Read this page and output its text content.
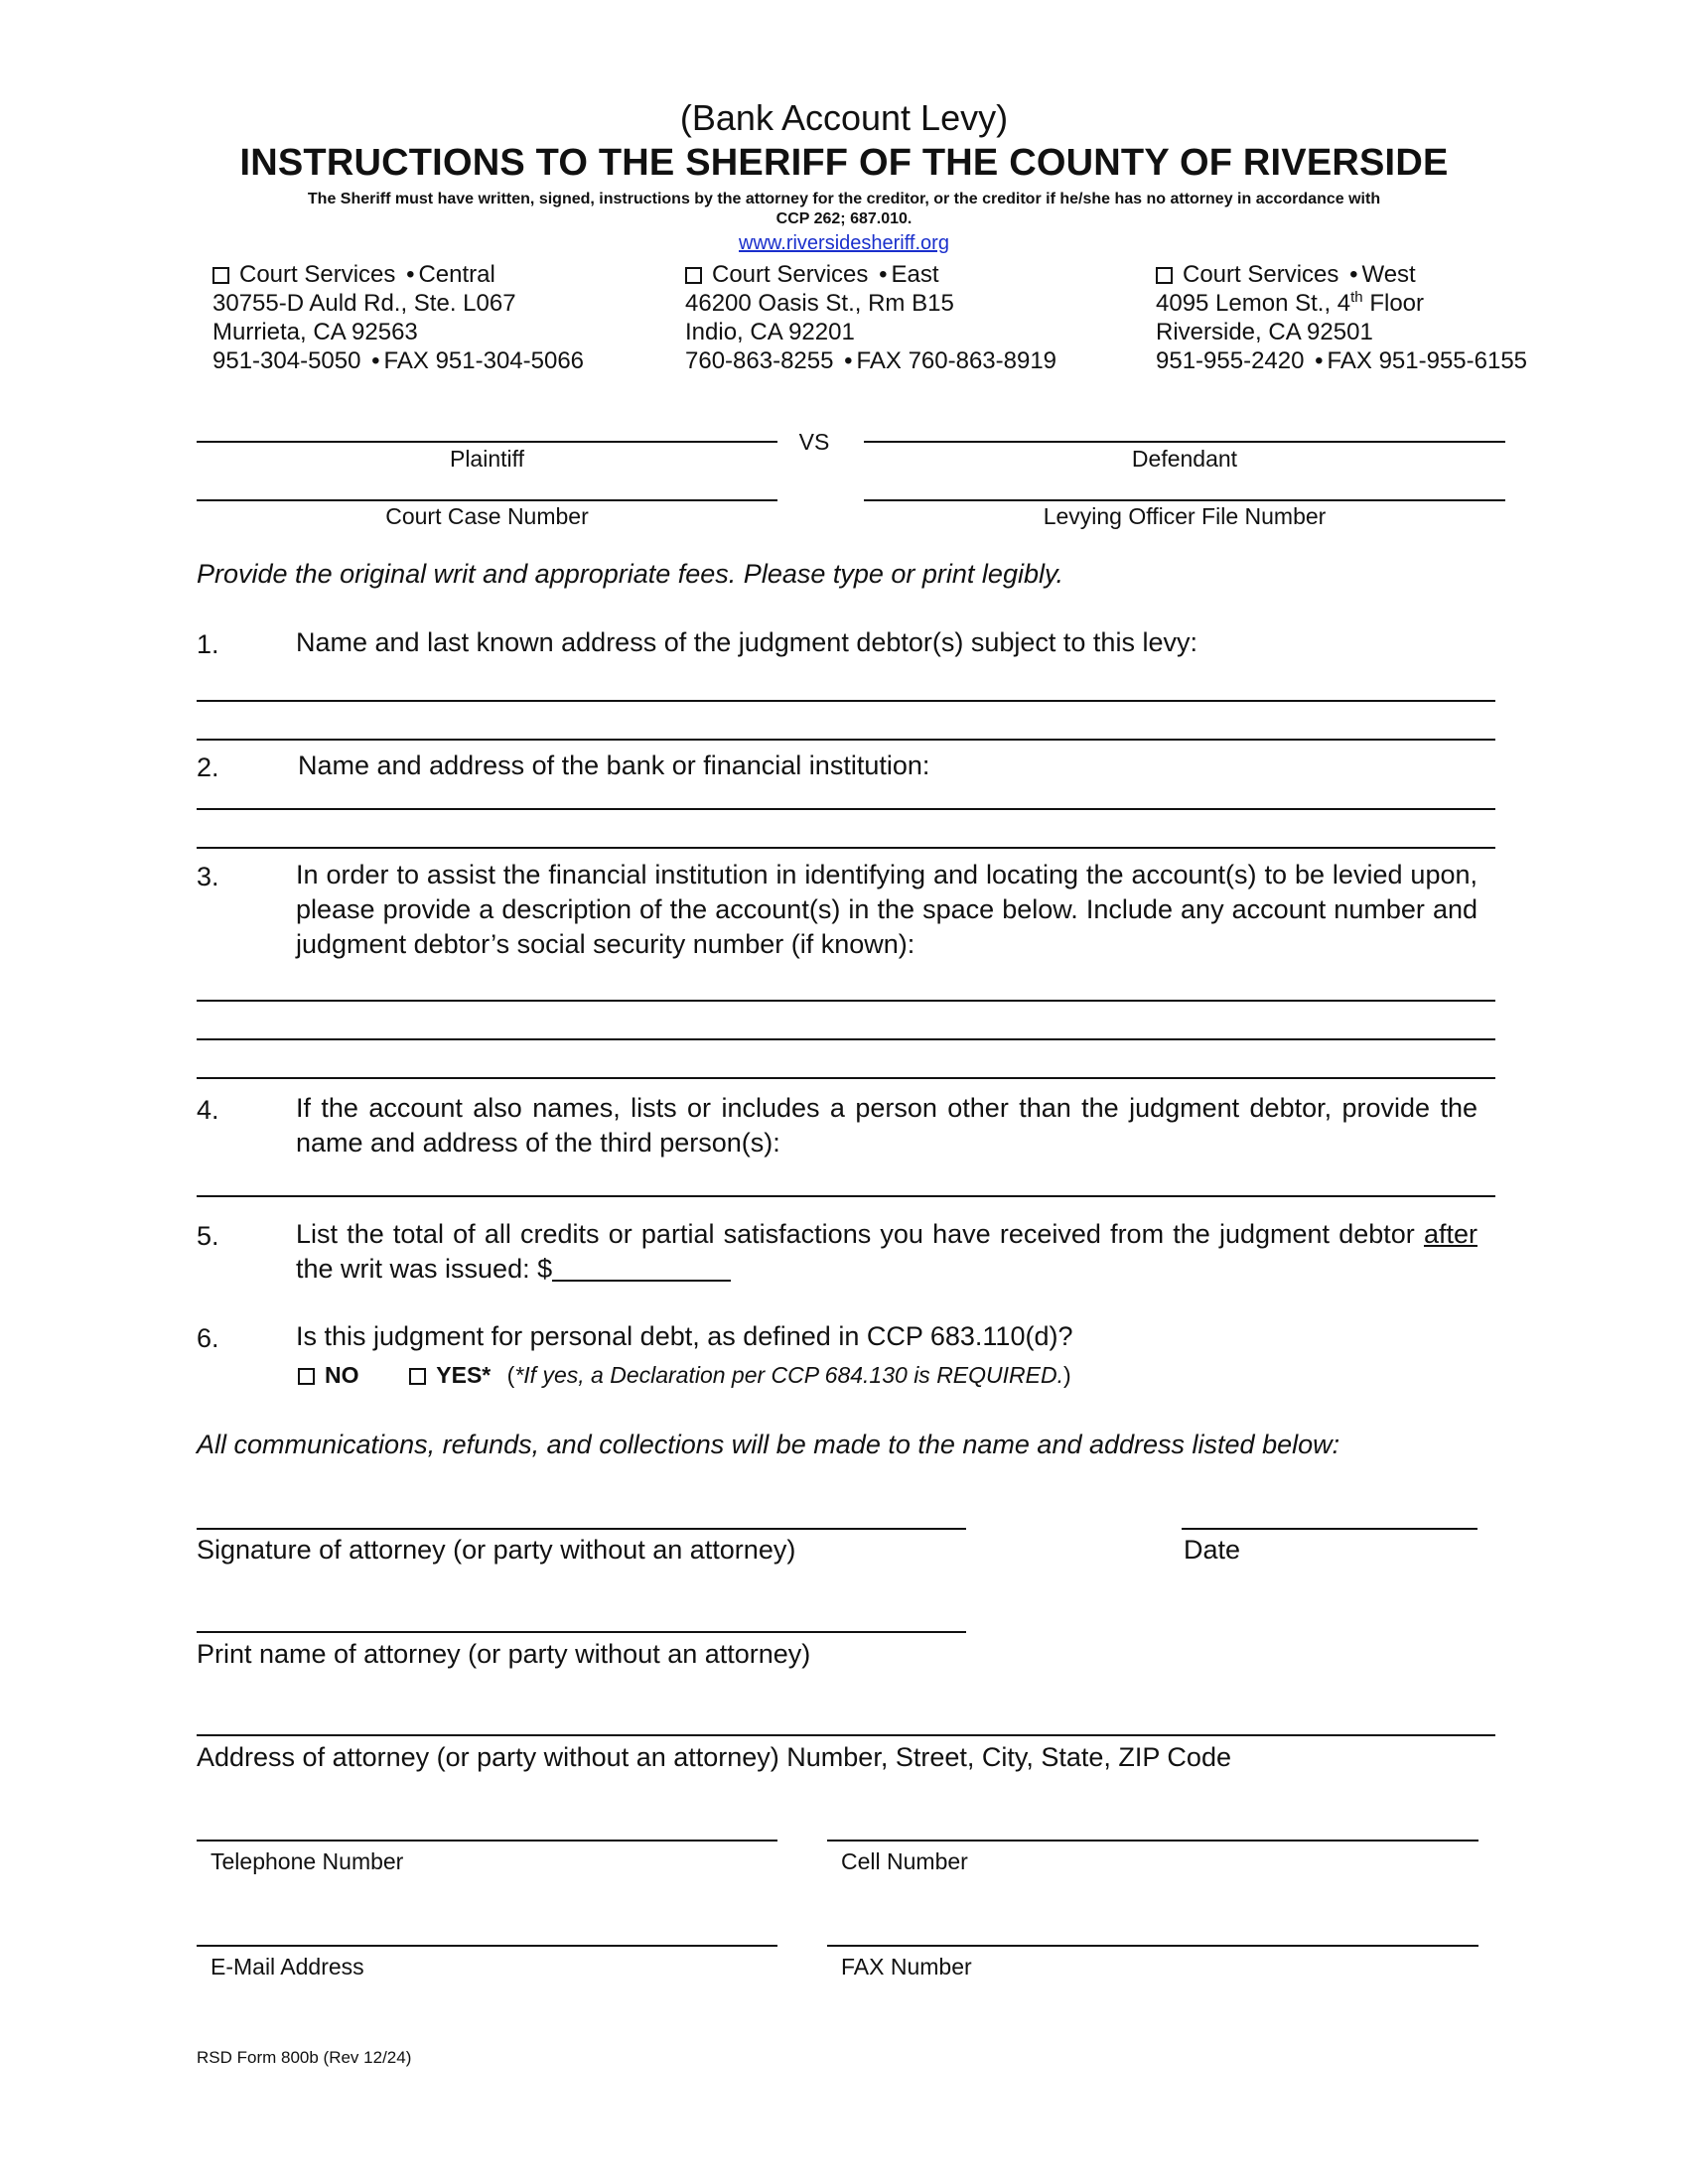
(Bank Account Levy)
INSTRUCTIONS TO THE SHERIFF OF THE COUNTY OF RIVERSIDE
The Sheriff must have written, signed, instructions by the attorney for the creditor, or the creditor if he/she has no attorney in accordance with
CCP 262; 687.010.
www.riversidesheriff.org
Court Services • Central
30755-D Auld Rd., Ste. L067
Murrieta, CA 92563
951-304-5050 • FAX 951-304-5066
Court Services • East
46200 Oasis St., Rm B15
Indio, CA 92201
760-863-8255 • FAX 760-863-8919
Court Services • West
4095 Lemon St., 4th Floor
Riverside, CA 92501
951-955-2420 • FAX 951-955-6155
Plaintiff
VS
Defendant
Court Case Number	Levying Officer File Number
Provide the original writ and appropriate fees. Please type or print legibly.
1.	Name and last known address of the judgment debtor(s) subject to this levy:
2.	Name and address of the bank or financial institution:
3.	In order to assist the financial institution in identifying and locating the account(s) to be levied upon, please provide a description of the account(s) in the space below. Include any account number and judgment debtor’s social security number (if known):
4.	If the account also names, lists or includes a person other than the judgment debtor, provide the name and address of the third person(s):
5.	List the total of all credits or partial satisfactions you have received from the judgment debtor after the writ was issued: $
6.	Is this judgment for personal debt, as defined in CCP 683.110(d)?
NO	YES* (*If yes, a Declaration per CCP 684.130 is REQUIRED.)
All communications, refunds, and collections will be made to the name and address listed below:
Signature of attorney (or party without an attorney)	Date
Print name of attorney (or party without an attorney)
Address of attorney (or party without an attorney) Number, Street, City, State, ZIP Code
Telephone Number	Cell Number
E-Mail Address	FAX Number
RSD Form 800b (Rev 12/24)
